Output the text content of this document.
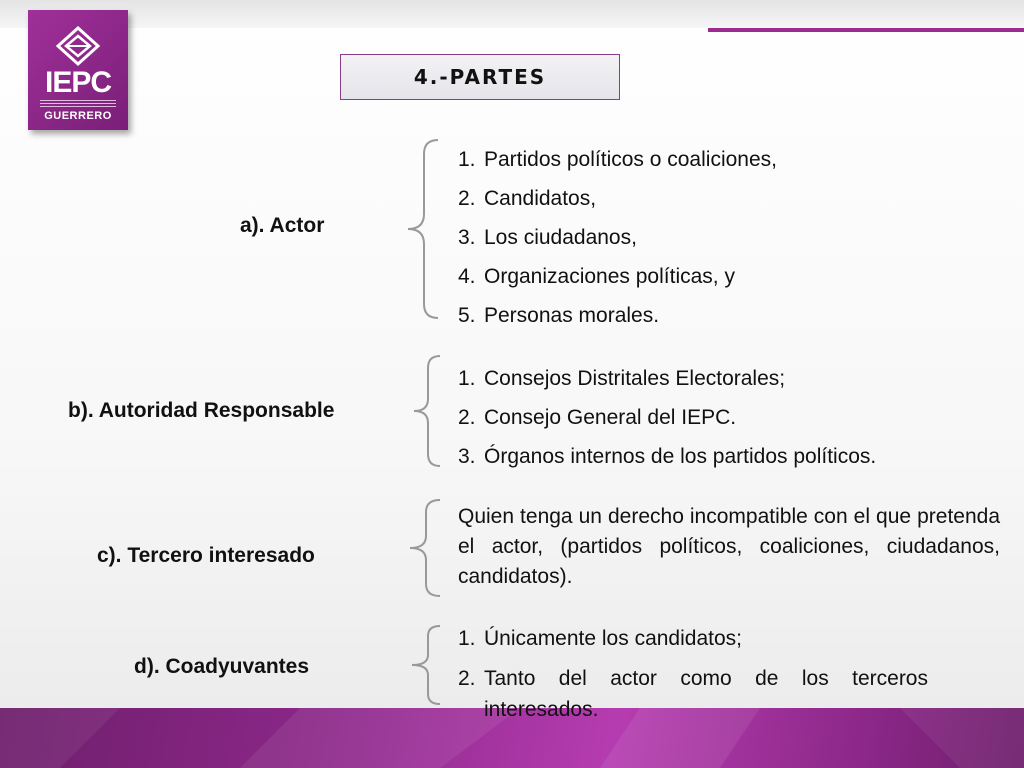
IEPC
GUERRERO
4.-PARTES
a). Actor
1. Partidos políticos o coaliciones,
2. Candidatos,
3. Los ciudadanos,
4. Organizaciones políticas, y
5. Personas morales.
b). Autoridad Responsable
1. Consejos Distritales Electorales;
2. Consejo General del IEPC.
3. Órganos internos de los partidos políticos.
c). Tercero interesado
Quien tenga un derecho incompatible con el que pretenda el actor, (partidos políticos, coaliciones, ciudadanos, candidatos).
d). Coadyuvantes
1. Únicamente los candidatos;
2. Tanto del actor como de los terceros interesados.
